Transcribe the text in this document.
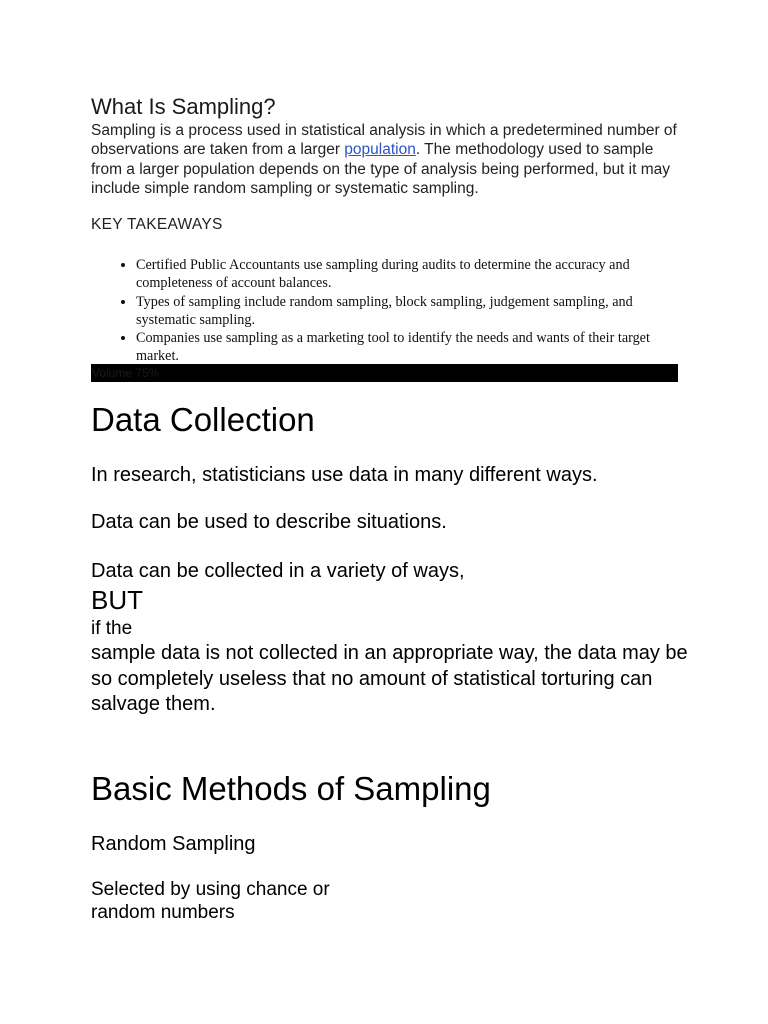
What Is Sampling?
Sampling is a process used in statistical analysis in which a predetermined number of observations are taken from a larger population. The methodology used to sample from a larger population depends on the type of analysis being performed, but it may include simple random sampling or systematic sampling.
KEY TAKEAWAYS
• Certified Public Accountants use sampling during audits to determine the accuracy and completeness of account balances.
• Types of sampling include random sampling, block sampling, judgement sampling, and systematic sampling.
• Companies use sampling as a marketing tool to identify the needs and wants of their target market.
Volume 75%
Data Collection
In research, statisticians use data in many different ways.
Data can be used to describe situations.
Data can be collected in a variety of ways,
BUT
if the
sample data is not collected in an appropriate way, the data may be so completely useless that no amount of statistical torturing can salvage them.
Basic Methods of Sampling
Random Sampling
Selected by using chance or
random numbers
